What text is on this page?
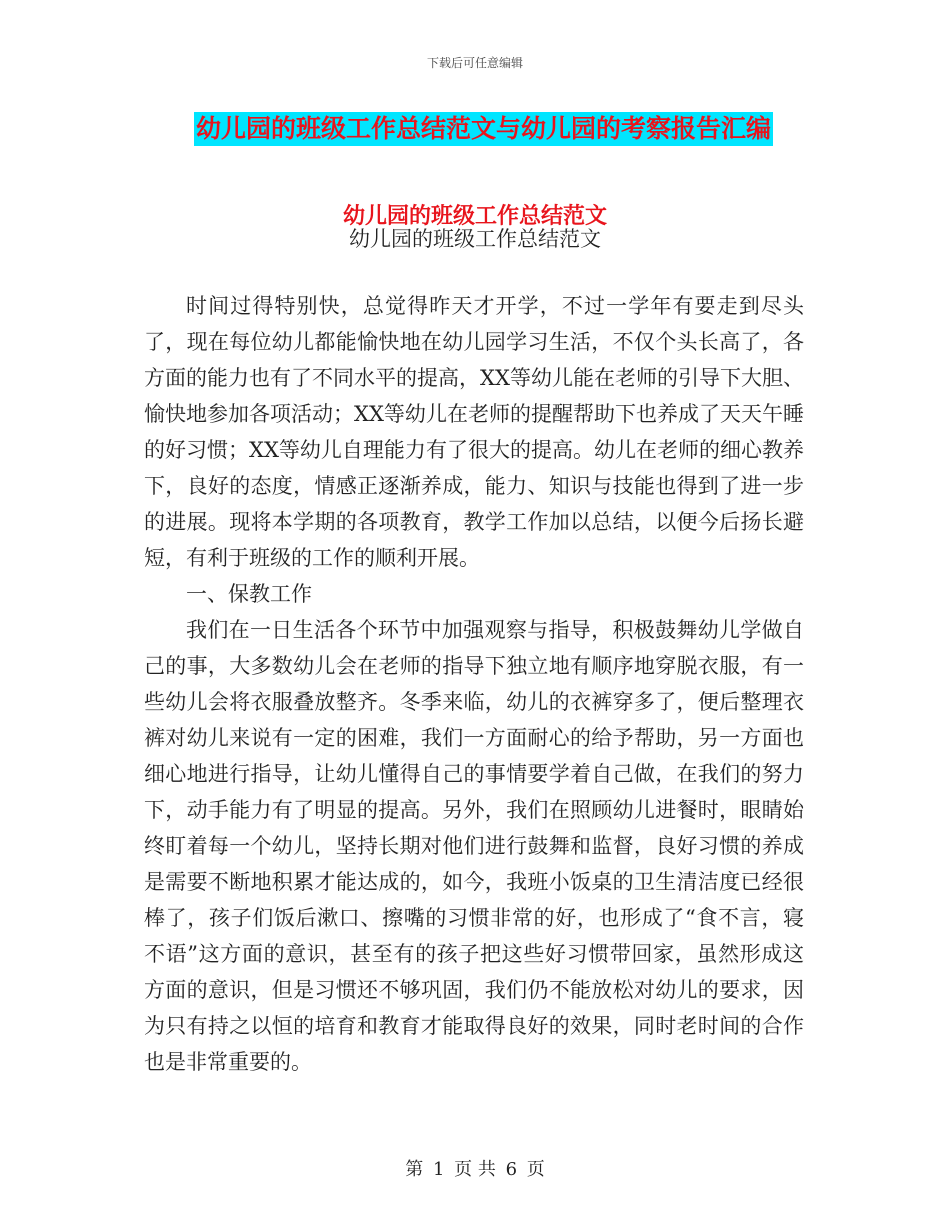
下载后可任意编辑
幼儿园的班级工作总结范文与幼儿园的考察报告汇编
幼儿园的班级工作总结范文
幼儿园的班级工作总结范文

时间过得特别快，总觉得昨天才开学，不过一学年有要走到尽头了，现在每位幼儿都能愉快地在幼儿园学习生活，不仅个头长高了，各方面的能力也有了不同水平的提高，XX等幼儿能在老师的引导下大胆、愉快地参加各项活动；XX等幼儿在老师的提醒帮助下也养成了天天午睡的好习惯；XX等幼儿自理能力有了很大的提高。幼儿在老师的细心教养下，良好的态度，情感正逐渐养成，能力、知识与技能也得到了进一步的进展。现将本学期的各项教育，教学工作加以总结，以便今后扬长避短，有利于班级的工作的顺利开展。

一、保教工作

我们在一日生活各个环节中加强观察与指导，积极鼓舞幼儿学做自己的事，大多数幼儿会在老师的指导下独立地有顺序地穿脱衣服，有一些幼儿会将衣服叠放整齐。冬季来临，幼儿的衣裤穿多了，便后整理衣裤对幼儿来说有一定的困难，我们一方面耐心的给予帮助，另一方面也细心地进行指导，让幼儿懂得自己的事情要学着自己做，在我们的努力下，动手能力有了明显的提高。另外，我们在照顾幼儿进餐时，眼睛始终盯着每一个幼儿，坚持长期对他们进行鼓舞和监督，良好习惯的养成是需要不断地积累才能达成的，如今，我班小饭桌的卫生清洁度已经很棒了，孩子们饭后漱口、擦嘴的习惯非常的好，也形成了“食不言，寝不语”这方面的意识，甚至有的孩子把这些好习惯带回家，虽然形成这方面的意识，但是习惯还不够巩固，我们仍不能放松对幼儿的要求，因为只有持之以恒的培育和教育才能取得良好的效果，同时老时间的合作也是非常重要的。

第 1 页 共 6 页
